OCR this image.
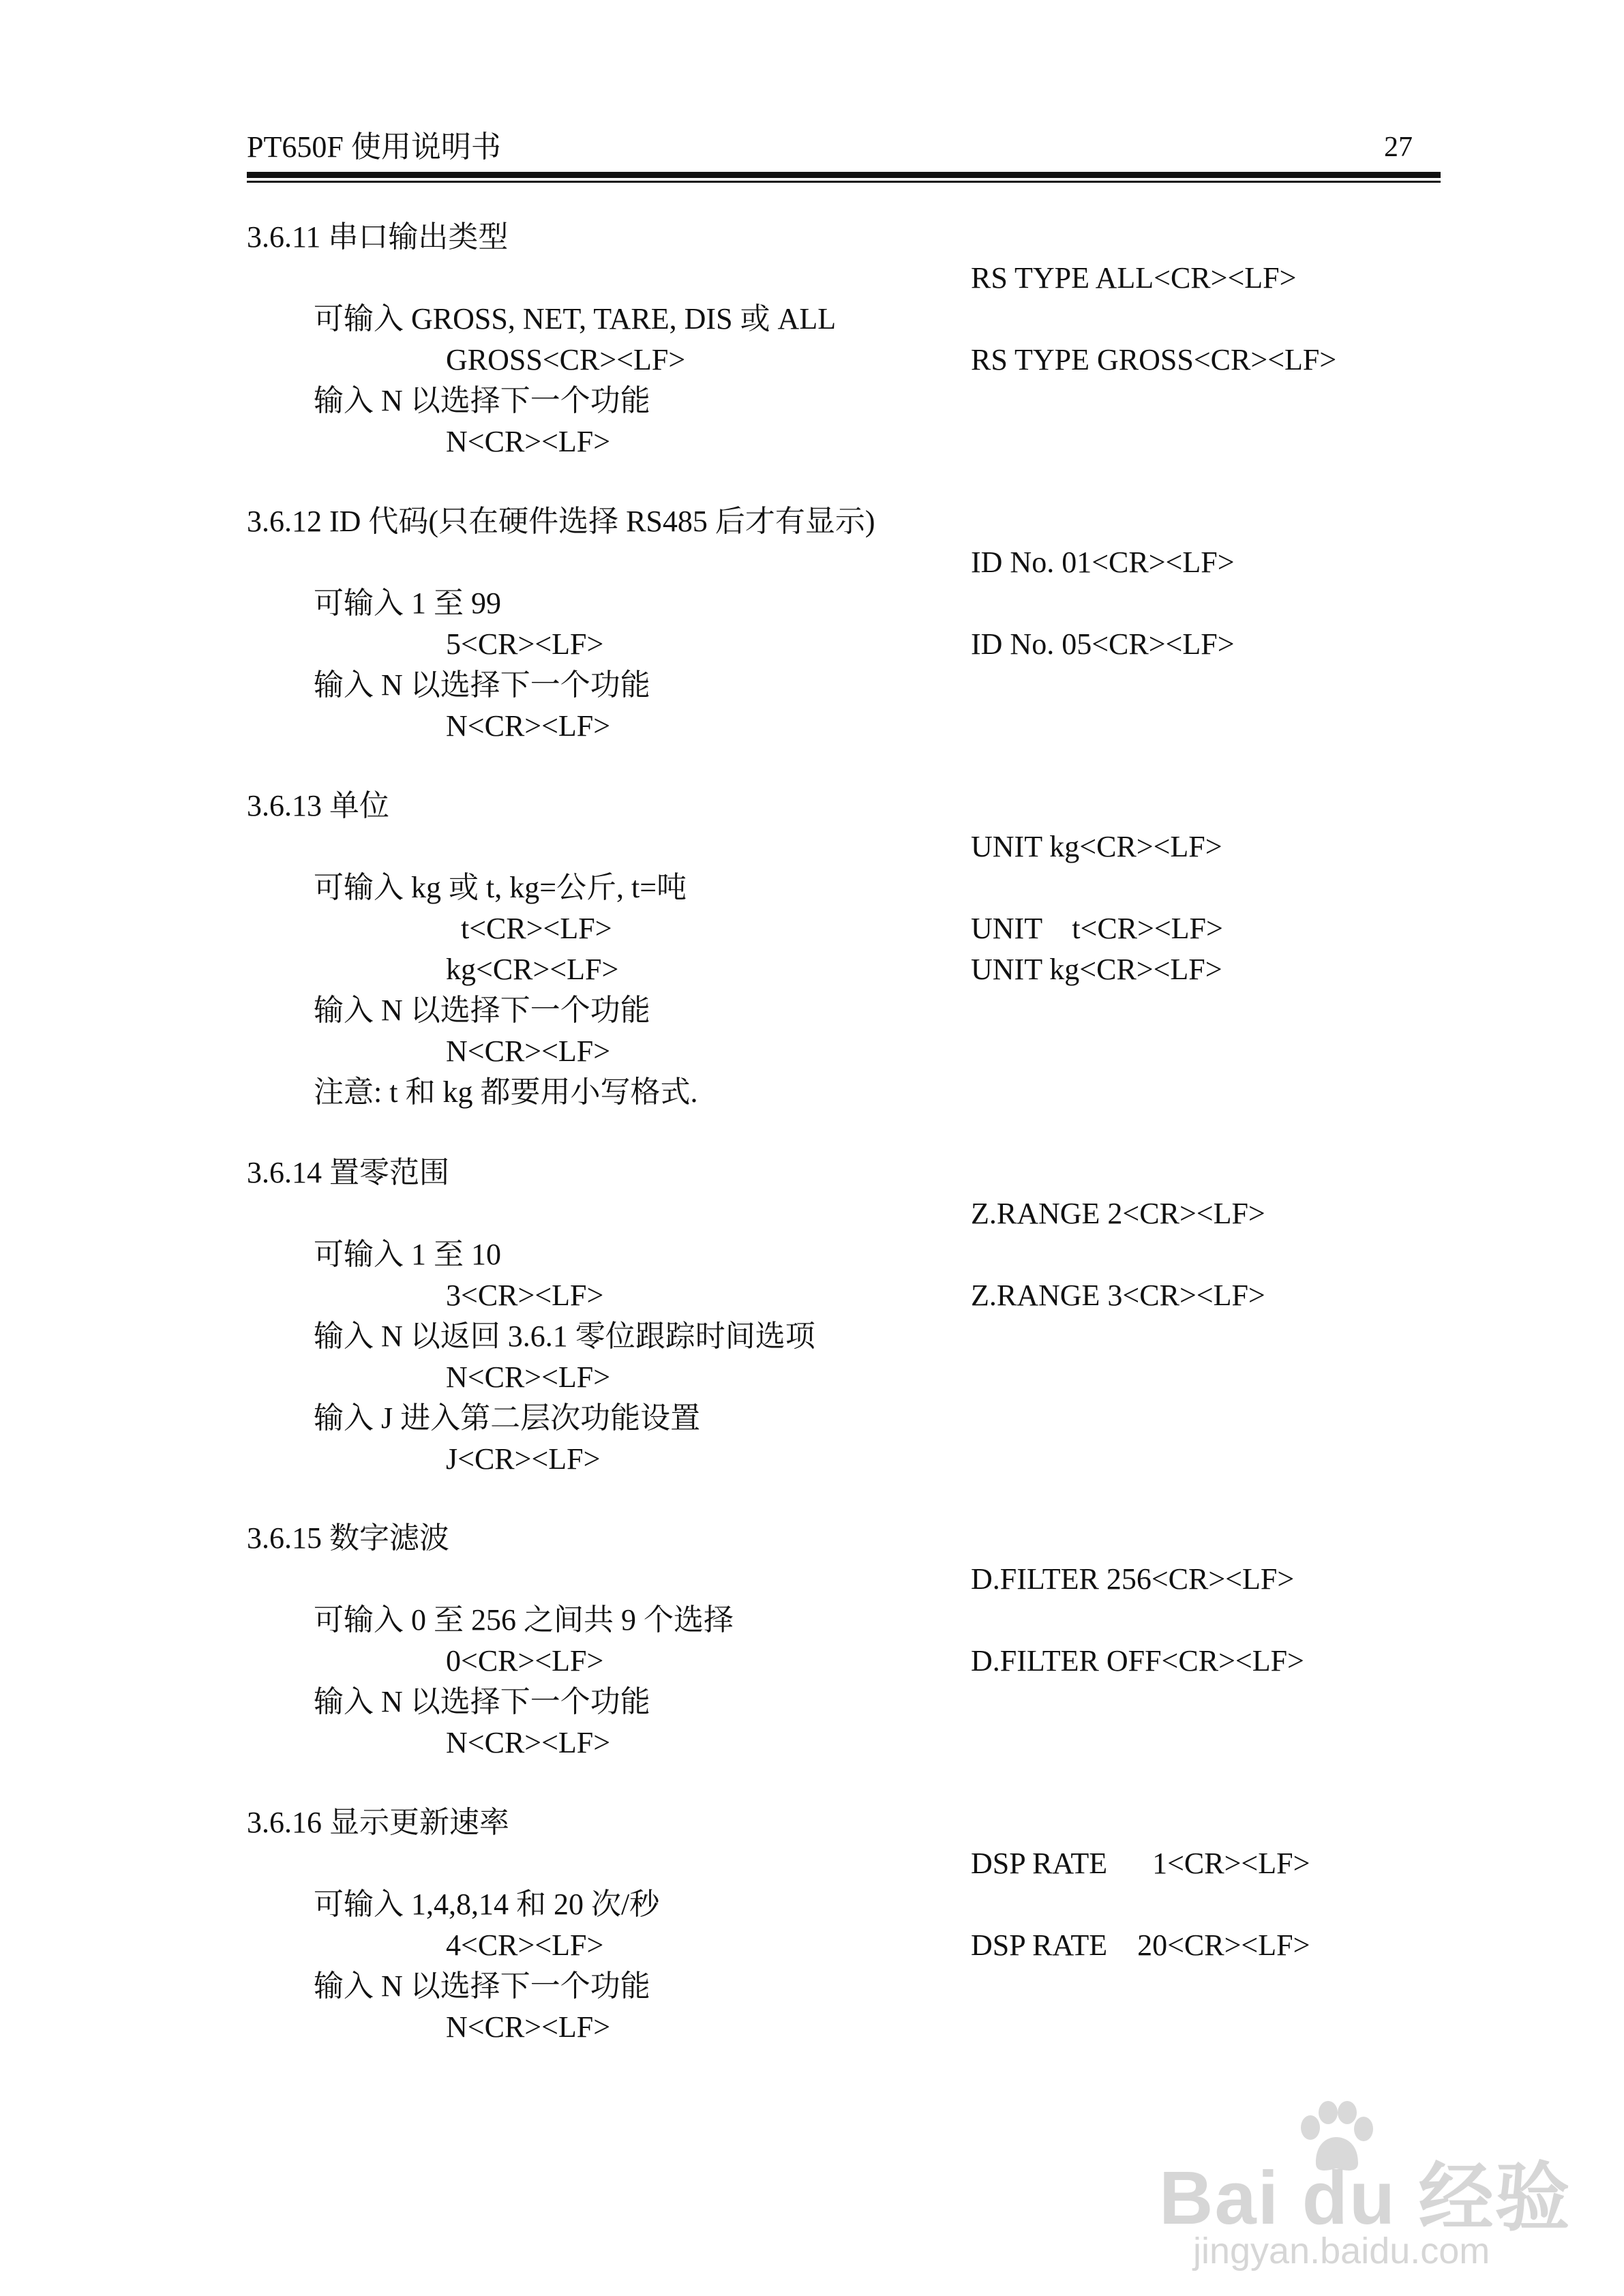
PT650F 使用说明书	27
3.6.11 串口输出类型
RS TYPE ALL<CR><LF>
可输入 GROSS, NET, TARE, DIS 或 ALL
GROSS<CR><LF>	RS TYPE GROSS<CR><LF>
输入 N 以选择下一个功能
N<CR><LF>
3.6.12 ID 代码(只在硬件选择 RS485 后才有显示)
ID No. 01<CR><LF>
可输入 1 至 99
5<CR><LF>	ID No. 05<CR><LF>
输入 N 以选择下一个功能
N<CR><LF>
3.6.13 单位
UNIT kg<CR><LF>
可输入 kg 或 t, kg=公斤, t=吨
t<CR><LF>	UNIT    t<CR><LF>
kg<CR><LF>	UNIT kg<CR><LF>
输入 N 以选择下一个功能
N<CR><LF>
注意: t 和 kg 都要用小写格式.
3.6.14 置零范围
Z.RANGE 2<CR><LF>
可输入 1 至 10
3<CR><LF>	Z.RANGE 3<CR><LF>
输入 N 以返回 3.6.1 零位跟踪时间选项
N<CR><LF>
输入 J 进入第二层次功能设置
J<CR><LF>
3.6.15 数字滤波
D.FILTER 256<CR><LF>
可输入 0 至 256 之间共 9 个选择
0<CR><LF>	D.FILTER OFF<CR><LF>
输入 N 以选择下一个功能
N<CR><LF>
3.6.16 显示更新速率
DSP RATE      1<CR><LF>
可输入 1,4,8,14 和 20 次/秒
4<CR><LF>	DSP RATE    20<CR><LF>
输入 N 以选择下一个功能
N<CR><LF>
Bai du 经验
jingyan.baidu.com
